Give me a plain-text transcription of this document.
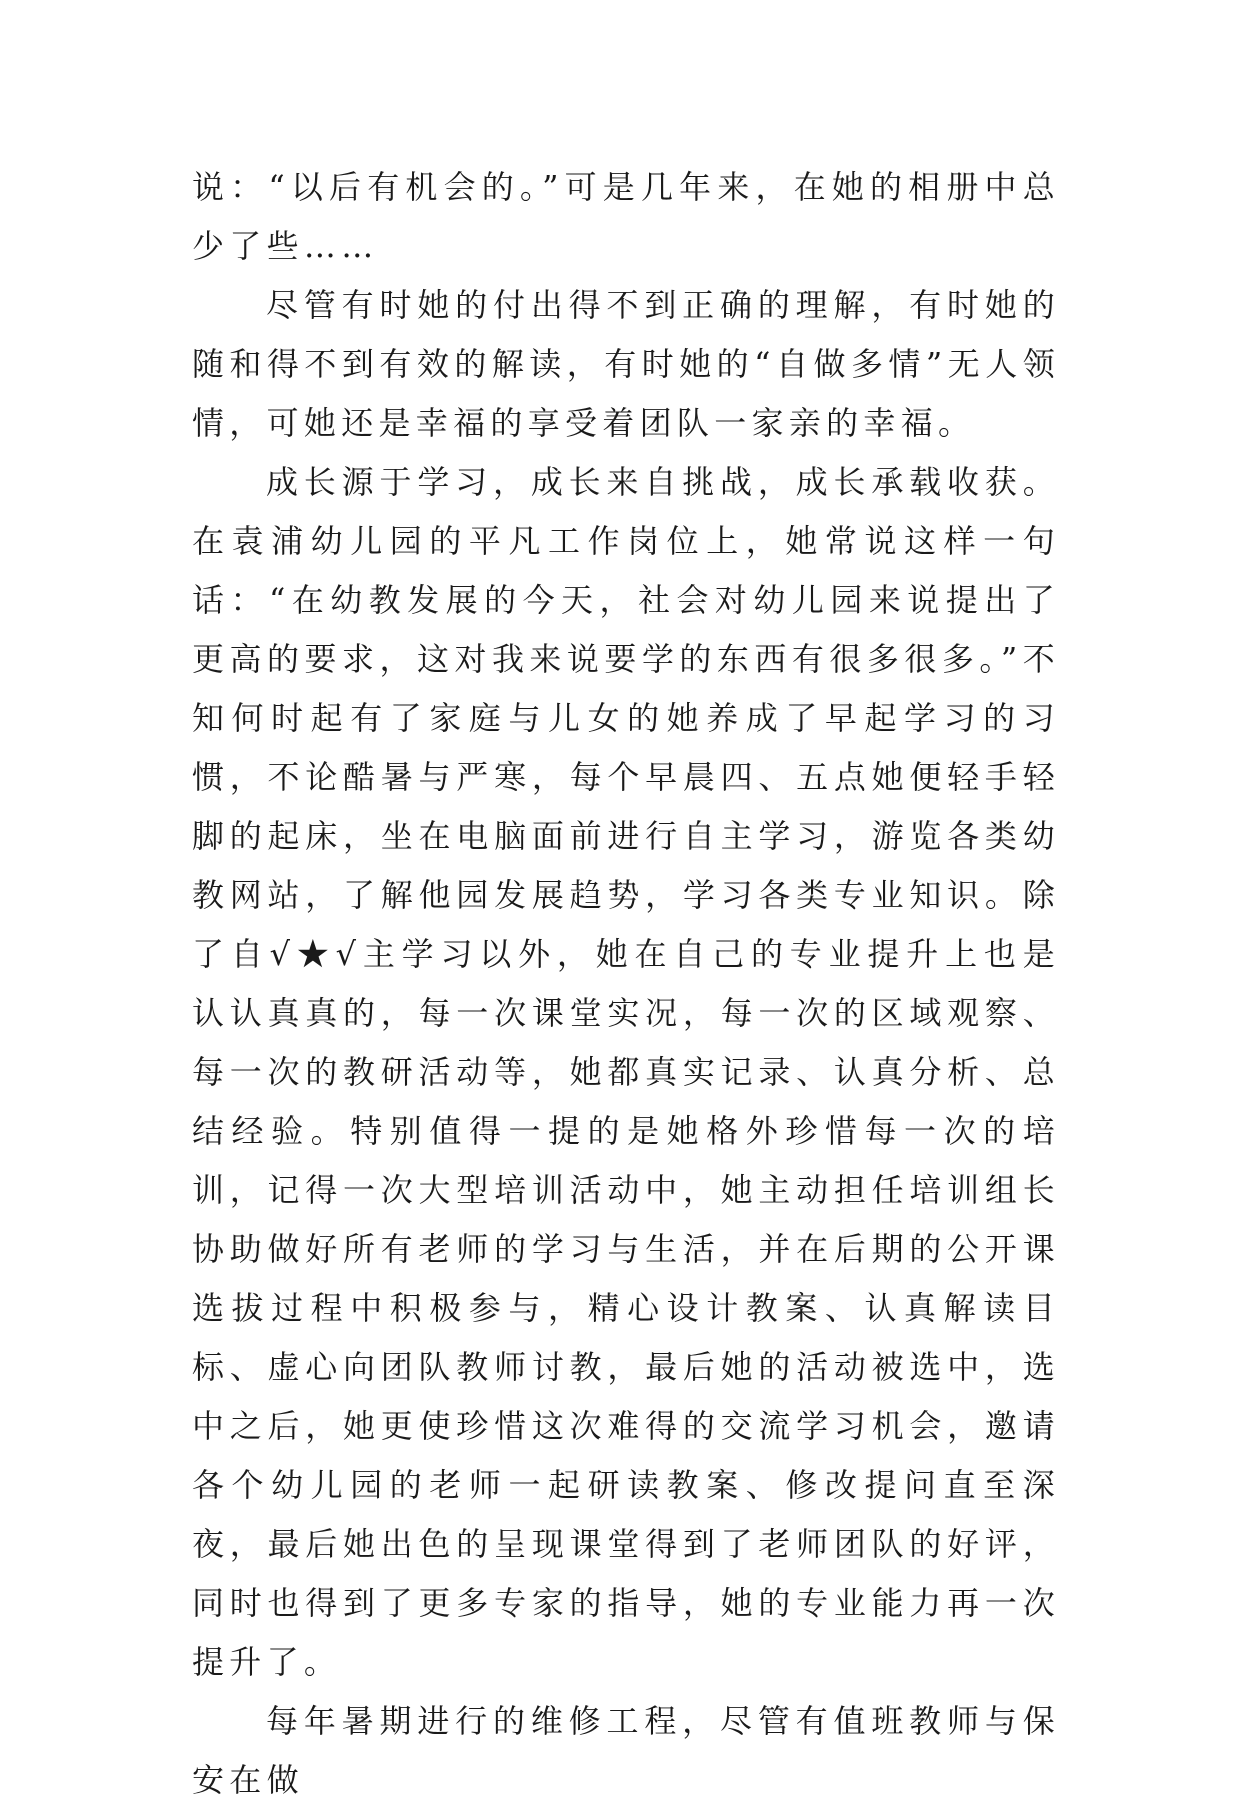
说：“以后有机会的。”可是几年来，在她的相册中总少了些……

尽管有时她的付出得不到正确的理解，有时她的随和得不到有效的解读，有时她的“自做多情”无人领情，可她还是幸福的享受着团队一家亲的幸福。

成长源于学习，成长来自挑战，成长承载收获。在袁浦幼儿园的平凡工作岗位上，她常说这样一句话：“在幼教发展的今天，社会对幼儿园来说提出了更高的要求，这对我来说要学的东西有很多很多。”不知何时起有了家庭与儿女的她养成了早起学习的习惯，不论酷暑与严寒，每个早晨四、五点她便轻手轻脚的起床，坐在电脑面前进行自主学习，游览各类幼教网站，了解他园发展趋势，学习各类专业知识。除了自√★√主学习以外，她在自己的专业提升上也是认认真真的，每一次课堂实况，每一次的区域观察、每一次的教研活动等，她都真实记录、认真分析、总结经验。特别值得一提的是她格外珍惜每一次的培训，记得一次大型培训活动中，她主动担任培训组长协助做好所有老师的学习与生活，并在后期的公开课选拔过程中积极参与，精心设计教案、认真解读目标、虚心向团队教师讨教，最后她的活动被选中，选中之后，她更使珍惜这次难得的交流学习机会，邀请各个幼儿园的老师一起研读教案、修改提问直至深夜，最后她出色的呈现课堂得到了老师团队的好评，同时也得到了更多专家的指导，她的专业能力再一次提升了。

每年暑期进行的维修工程，尽管有值班教师与保安在做
